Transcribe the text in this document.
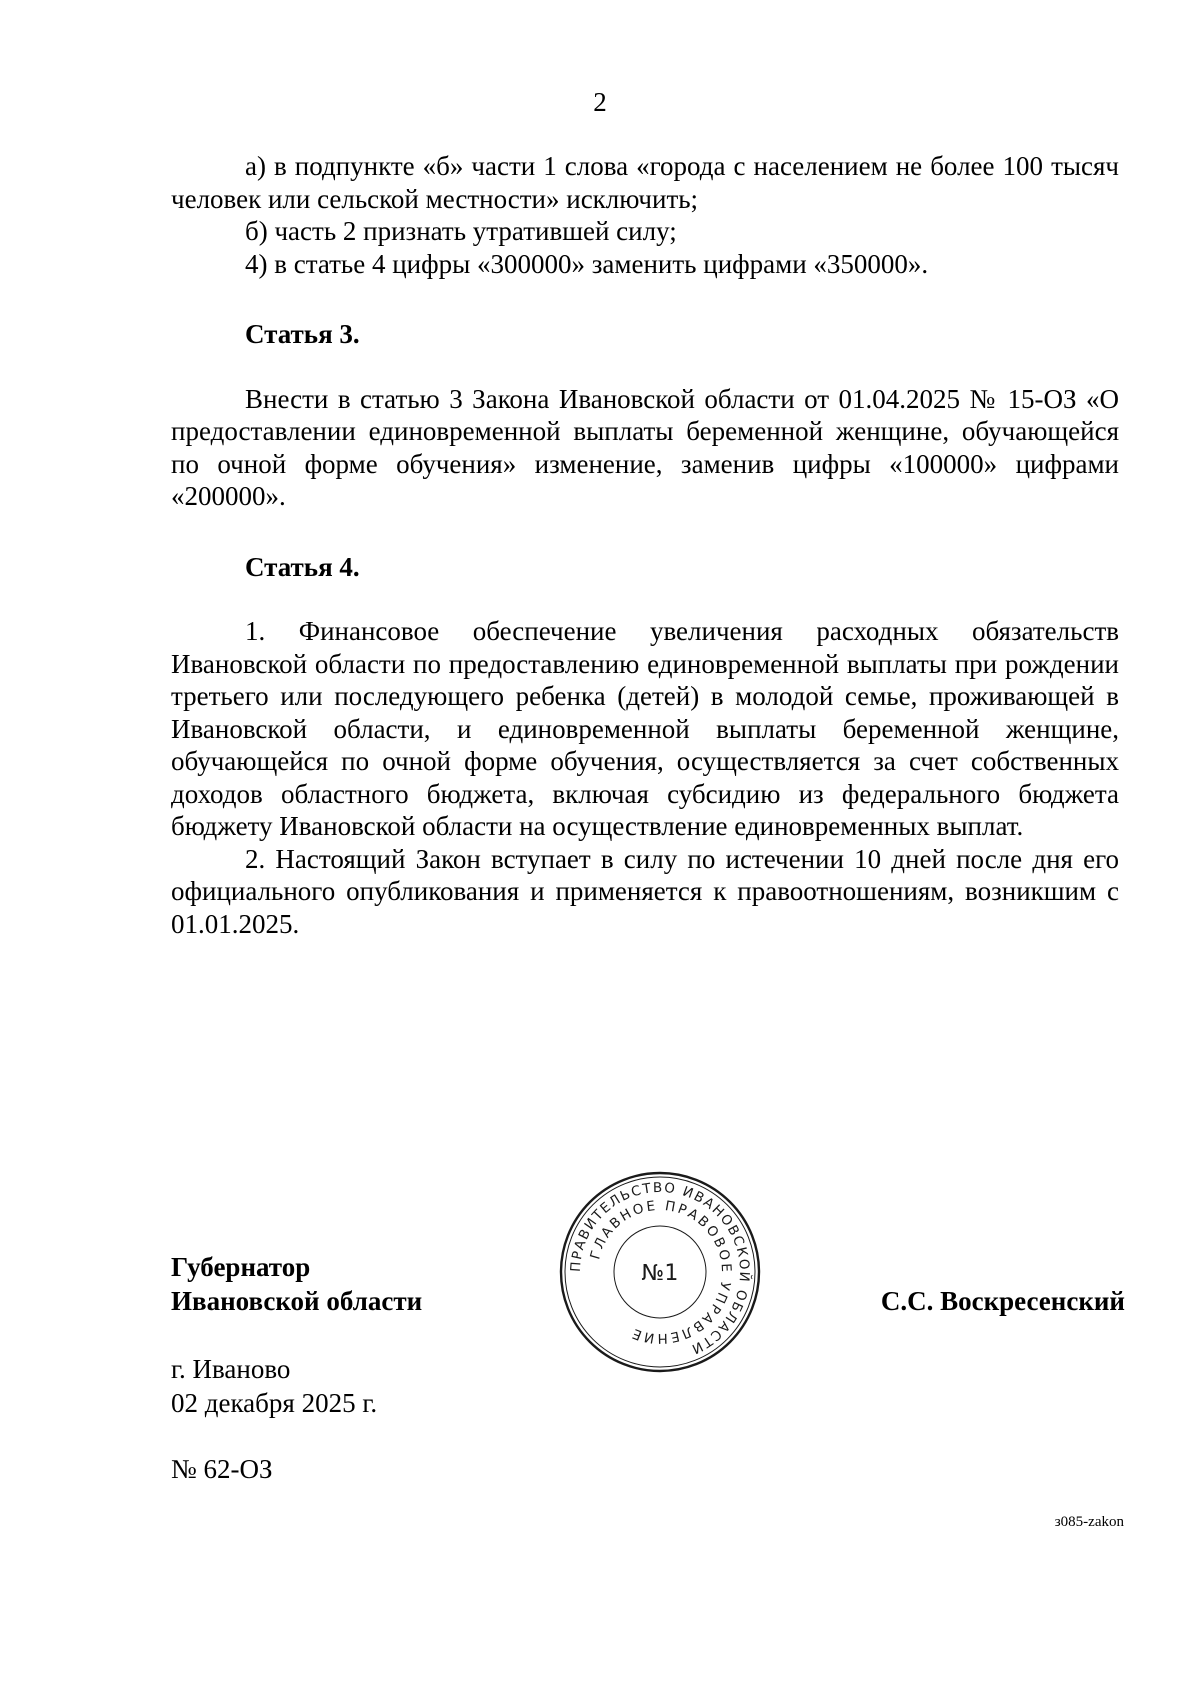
2

а) в подпункте «б» части 1 слова «города с населением не более 100 тысяч человек или сельской местности» исключить;

б) часть 2 признать утратившей силу;

4) в статье 4 цифры «300000» заменить цифрами «350000».

Статья 3.

Внести в статью 3 Закона Ивановской области от 01.04.2025 № 15-ОЗ «О предоставлении единовременной выплаты беременной женщине, обучающейся по очной форме обучения» изменение, заменив цифры «100000» цифрами «200000».

Статья 4.

1. Финансовое обеспечение увеличения расходных обязательств Ивановской области по предоставлению единовременной выплаты при рождении третьего или последующего ребенка (детей) в молодой семье, проживающей в Ивановской области, и единовременной выплаты беременной женщине, обучающейся по очной форме обучения, осуществляется за счет собственных доходов областного бюджета, включая субсидию из федерального бюджета бюджету Ивановской области на осуществление единовременных выплат.

2. Настоящий Закон вступает в силу по истечении 10 дней после дня его официального опубликования и применяется к правоотношениям, возникшим с 01.01.2025.

Губернатор
Ивановской области	С.С. Воскресенский
ПРАВИТЕЛЬСТВО ИВАНОВСКОЙ ОБЛАСТИ
ГЛАВНОЕ ПРАВОВОЕ УПРАВЛЕНИЕ
№1
г. Иваново
02 декабря 2025 г.
№ 62-ОЗ
з085-zakon
